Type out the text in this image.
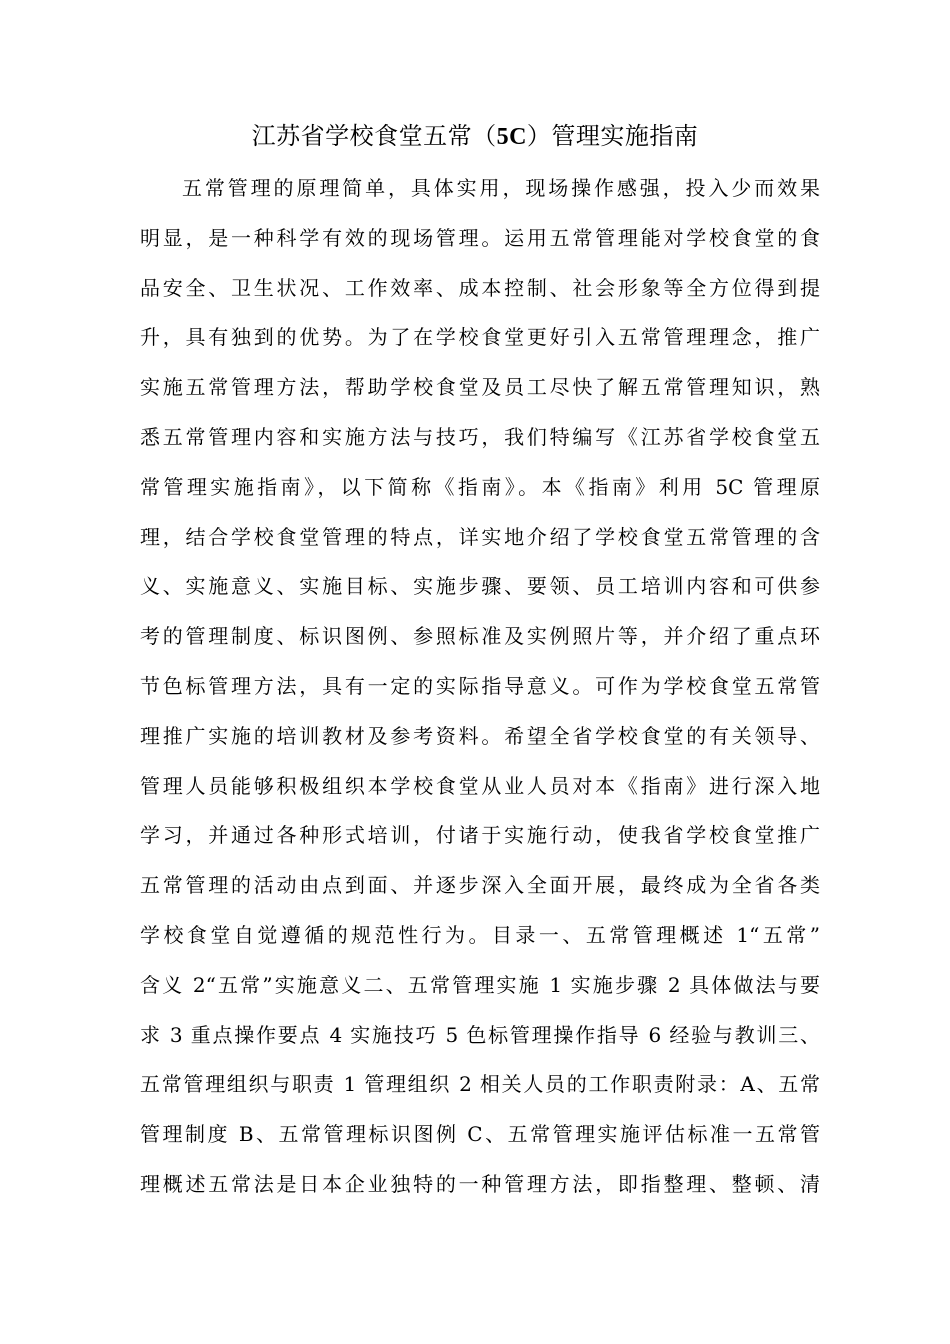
江苏省学校食堂五常（5C）管理实施指南
五常管理的原理简单，具体实用，现场操作感强，投入少而效果
明显，是一种科学有效的现场管理。运用五常管理能对学校食堂的食
品安全、卫生状况、工作效率、成本控制、社会形象等全方位得到提
升，具有独到的优势。为了在学校食堂更好引入五常管理理念，推广
实施五常管理方法，帮助学校食堂及员工尽快了解五常管理知识，熟
悉五常管理内容和实施方法与技巧，我们特编写《江苏省学校食堂五
常管理实施指南》，以下简称《指南》。本《指南》利用 5C 管理原
理，结合学校食堂管理的特点，详实地介绍了学校食堂五常管理的含
义、实施意义、实施目标、实施步骤、要领、员工培训内容和可供参
考的管理制度、标识图例、参照标准及实例照片等，并介绍了重点环
节色标管理方法，具有一定的实际指导意义。可作为学校食堂五常管
理推广实施的培训教材及参考资料。希望全省学校食堂的有关领导、
管理人员能够积极组织本学校食堂从业人员对本《指南》进行深入地
学习，并通过各种形式培训，付诸于实施行动，使我省学校食堂推广
五常管理的活动由点到面、并逐步深入全面开展，最终成为全省各类
学校食堂自觉遵循的规范性行为。目录一、五常管理概述 1“五常”
含义 2“五常”实施意义二、五常管理实施 1 实施步骤 2 具体做法与要
求 3 重点操作要点 4 实施技巧 5 色标管理操作指导 6 经验与教训三、
五常管理组织与职责 1 管理组织 2 相关人员的工作职责附录：A、五常
管理制度 B、五常管理标识图例 C、五常管理实施评估标准一五常管
理概述五常法是日本企业独特的一种管理方法，即指整理、整顿、清
